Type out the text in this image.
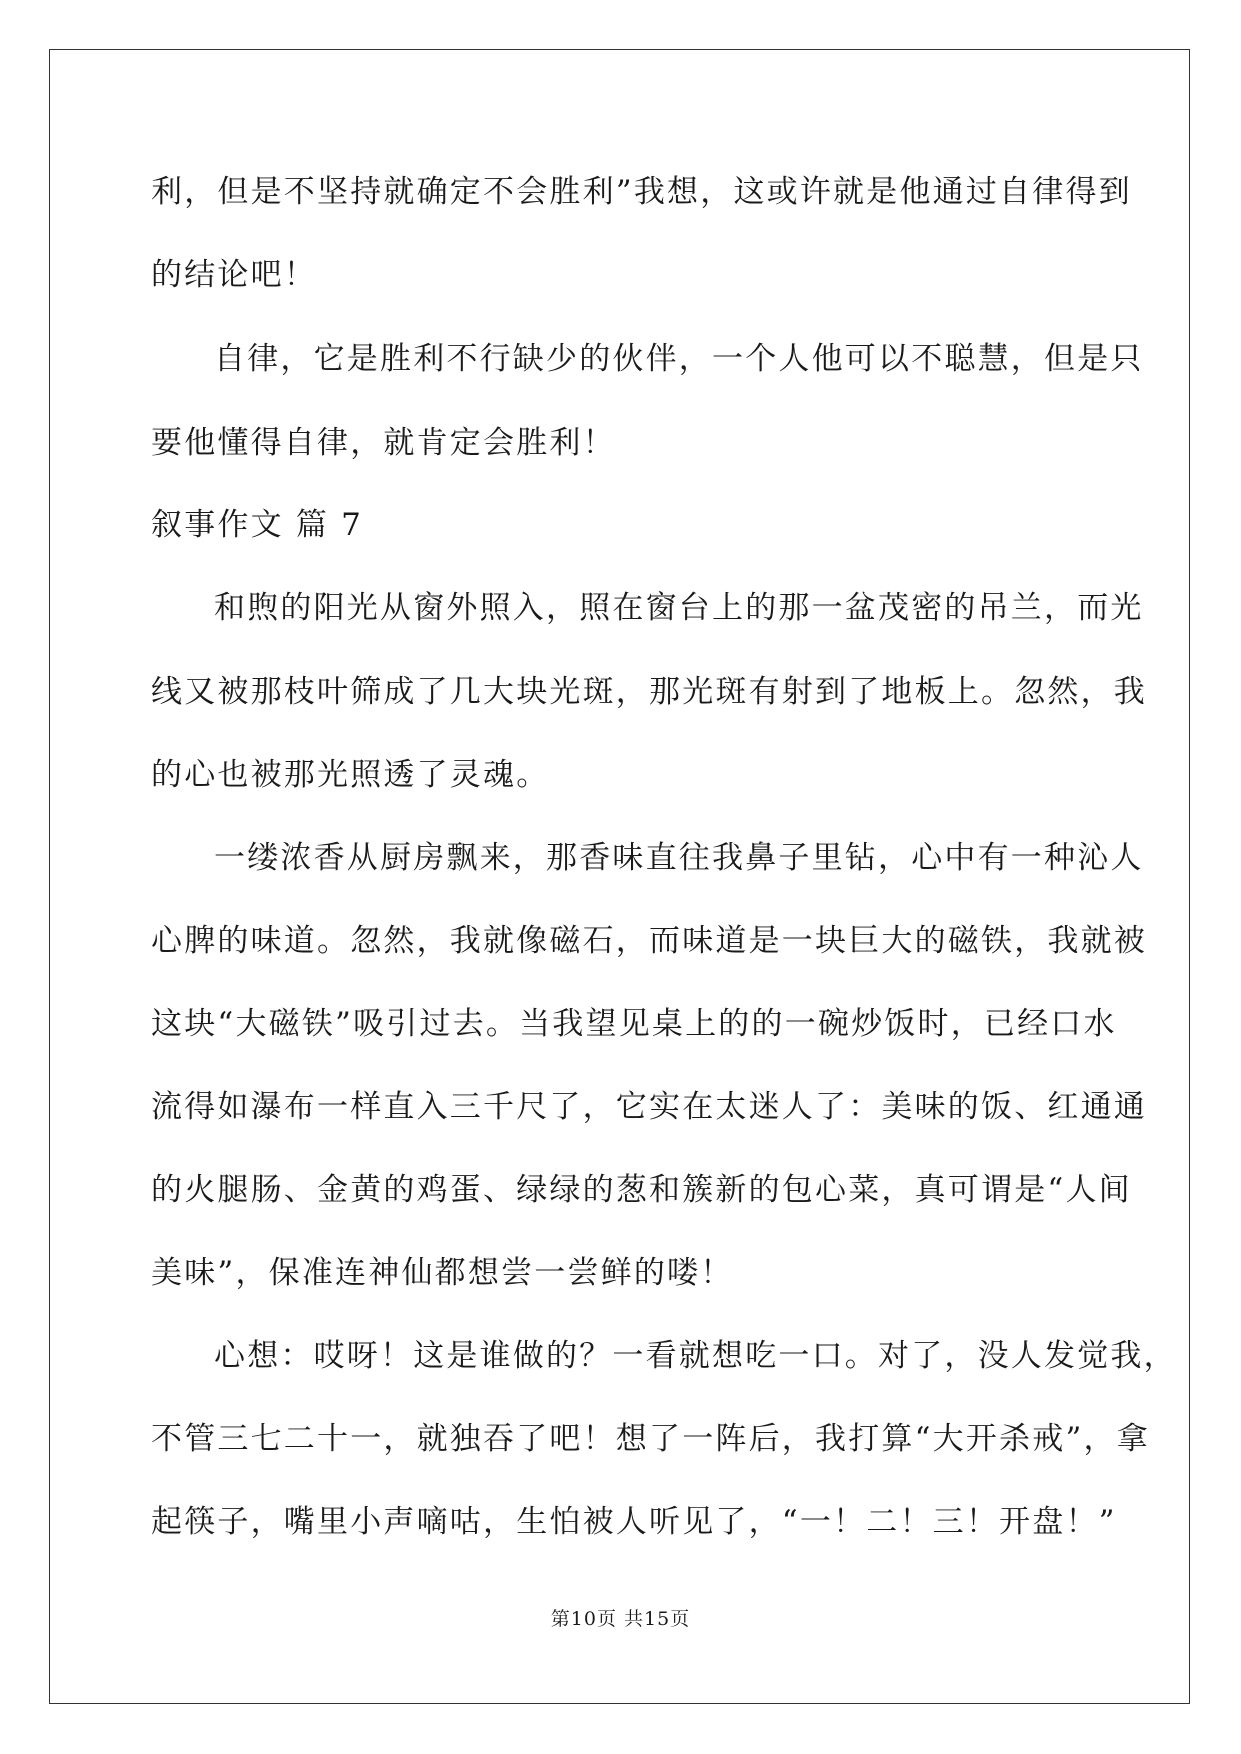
利，但是不坚持就确定不会胜利”我想，这或许就是他通过自律得到
的结论吧！
自律，它是胜利不行缺少的伙伴，一个人他可以不聪慧，但是只
要他懂得自律，就肯定会胜利！
叙事作文 篇 7
和煦的阳光从窗外照入，照在窗台上的那一盆茂密的吊兰，而光
线又被那枝叶筛成了几大块光斑，那光斑有射到了地板上。忽然，我
的心也被那光照透了灵魂。
一缕浓香从厨房飘来，那香味直往我鼻子里钻，心中有一种沁人
心脾的味道。忽然，我就像磁石，而味道是一块巨大的磁铁，我就被
这块“大磁铁”吸引过去。当我望见桌上的的一碗炒饭时，已经口水
流得如瀑布一样直入三千尺了，它实在太迷人了：美味的饭、红通通
的火腿肠、金黄的鸡蛋、绿绿的葱和簇新的包心菜，真可谓是“人间
美味”，保准连神仙都想尝一尝鲜的喽！
心想：哎呀！这是谁做的？一看就想吃一口。对了，没人发觉我，
不管三七二十一，就独吞了吧！想了一阵后，我打算“大开杀戒”，拿
起筷子，嘴里小声嘀咕，生怕被人听见了，“一！二！三！开盘！”
第10页 共15页
